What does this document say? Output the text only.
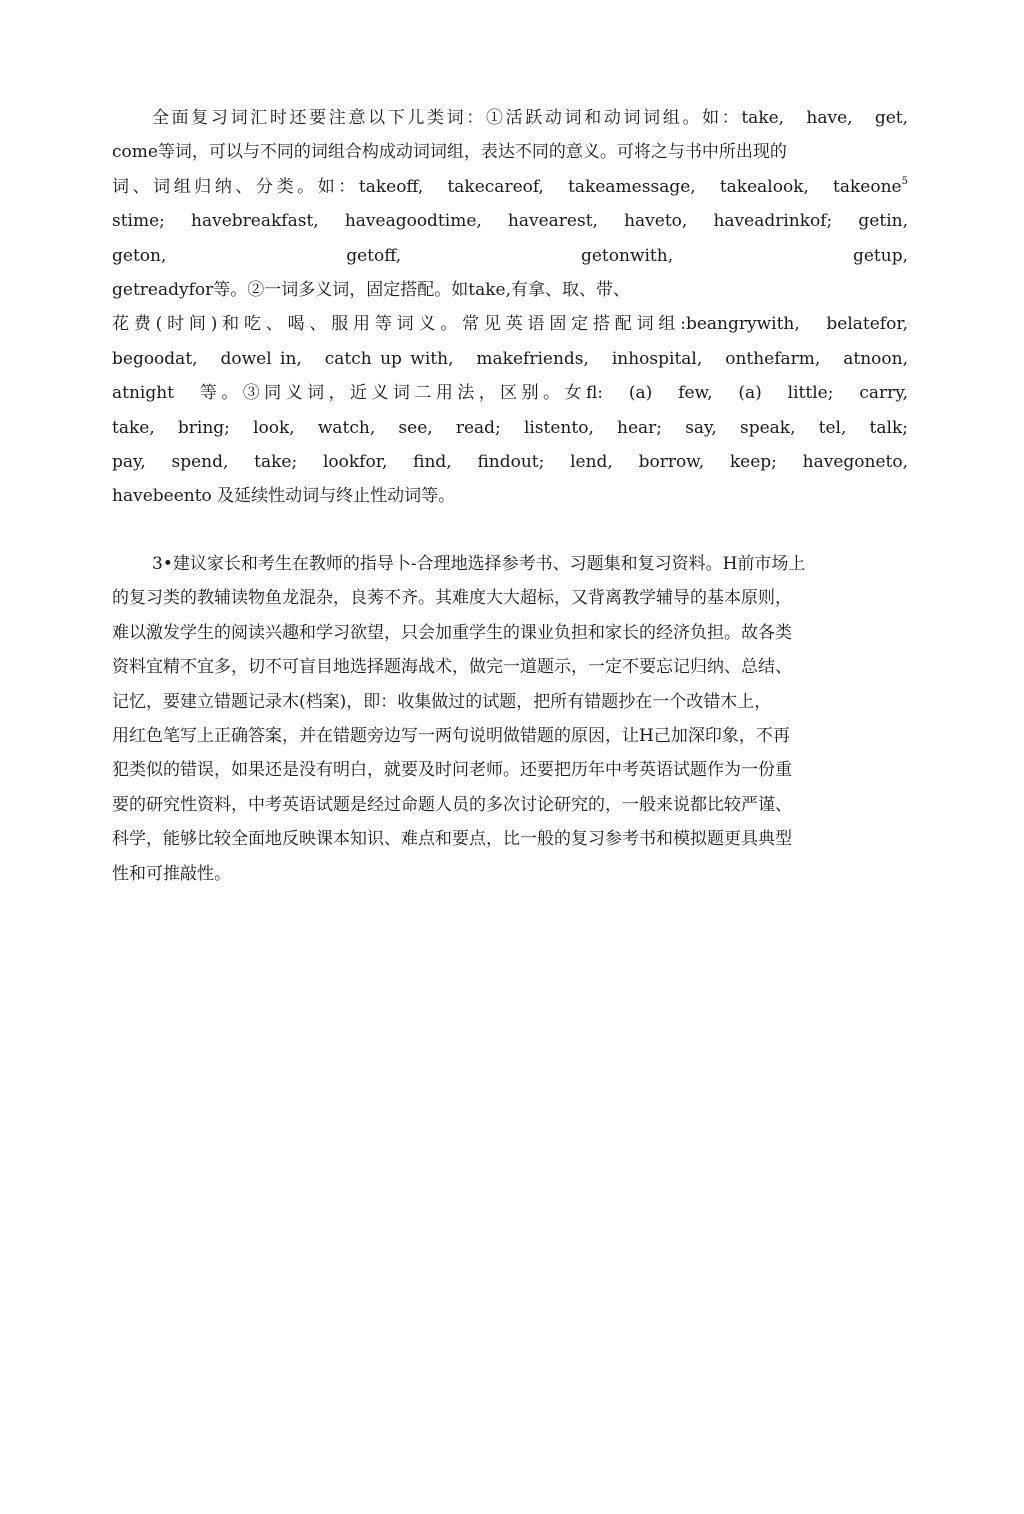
全面复习词汇时还要注意以下儿类词：①活跃动词和动词词组。如：take,　have,　get,
come等词，可以与不同的词组合构成动词词组，表达不同的意义。可将之与书中所出现的
词、词组归纳、分类。如：takeoff,　takecareof,　takeamessage,　takealook,　takeone$^5$
stime;　havebreakfast,　haveagoodtime,　havearest,　haveto,　haveadrinkof;　getin,
geton,　getoff,　getonwith,　getup,
getreadyfor等。②一词多义词，固定搭配。如take,有拿、取、带、
花费(时间)和吃、喝、服用等词义。常见英语固定搭配词组:beangrywith,　belatefor,
begoodat,　dowel in,　catch up with,　makefriends,　inhospital,　onthefarm,　atnoon,
atnight　等。③同义词，近义词二用法，区别。女fl:　(a)　few,　(a)　little;　carry,
take,　bring;　look,　watch,　see,　read;　listento,　hear;　say,　speak,　tel,　talk;
pay,　spend,　take;　lookfor,　find,　findout;　lend,　borrow,　keep;　havegoneto,
havebeento 及延续性动词与终止性动词等。
3•建议家长和考生在教师的指导卜-合理地选择参考书、习题集和复习资料。H前市场上
的复习类的教辅读物鱼龙混杂，良莠不齐。其难度大大超标，又背离教学辅导的基本原则，
难以激发学生的阅读兴趣和学习欲望，只会加重学生的课业负担和家长的经济负担。故各类
资料宜精不宜多，切不可盲目地选择题海战术，做完一道题示，一定不要忘记归纳、总结、
记忆，要建立错题记录木(档案)，即：收集做过的试题，把所有错题抄在一个改错木上，
用红色笔写上正确答案，并在错题旁边写一两句说明做错题的原因，让H己加深印象，不再
犯类似的错误，如果还是没有明白，就要及时问老师。还要把历年中考英语试题作为一份重
要的研究性资料，中考英语试题是经过命题人员的多次讨论研究的，一般来说都比较严谨、
科学，能够比较全面地反映课本知识、难点和要点，比一般的复习参考书和模拟题更具典型
性和可推敲性。
